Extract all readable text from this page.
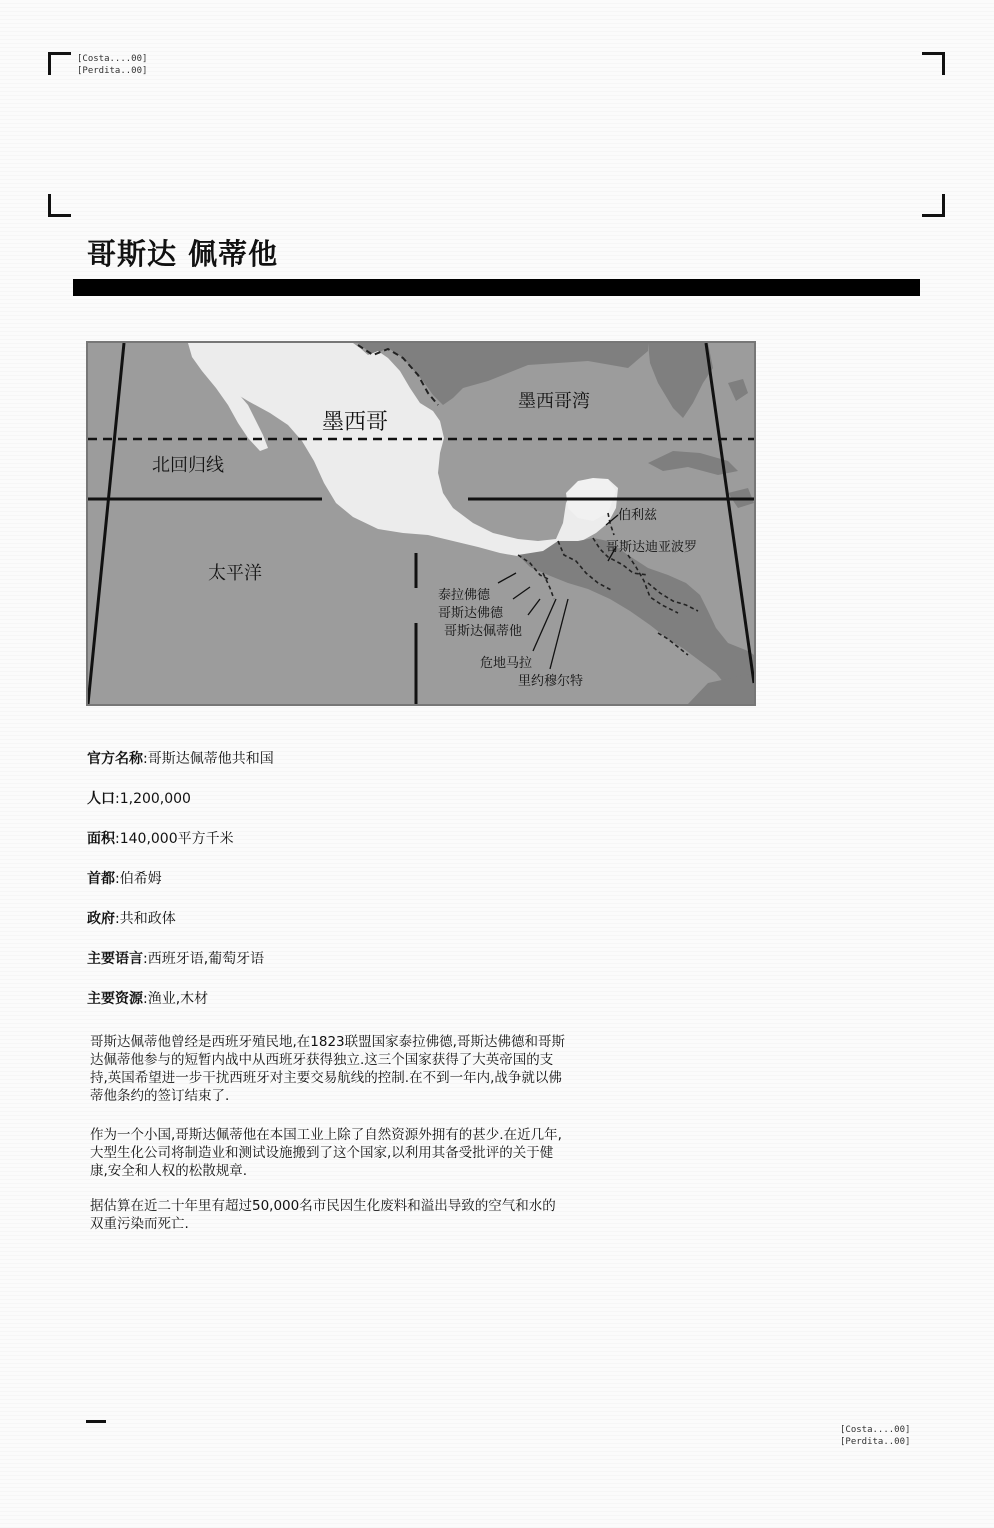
[Costa....00]
[Perdita..00]
哥斯达 佩蒂他
墨西哥
墨西哥湾
北回归线
太平洋
伯利兹
哥斯达迪亚波罗
泰拉佛德
哥斯达佛德
哥斯达佩蒂他
危地马拉
里约穆尔特
官方名称:哥斯达佩蒂他共和国
人口:1,200,000
面积:140,000平方千米
首都:伯希姆
政府:共和政体
主要语言:西班牙语,葡萄牙语
主要资源:渔业,木材

哥斯达佩蒂他曾经是西班牙殖民地,在1823联盟国家泰拉佛德,哥斯达佛德和哥斯达佩蒂他参与的短暂内战中从西班牙获得独立.这三个国家获得了大英帝国的支持,英国希望进一步干扰西班牙对主要交易航线的控制.在不到一年内,战争就以佛蒂他条约的签订结束了.

作为一个小国,哥斯达佩蒂他在本国工业上除了自然资源外拥有的甚少.在近几年,大型生化公司将制造业和测试设施搬到了这个国家,以利用其备受批评的关于健康,安全和人权的松散规章.

据估算在近二十年里有超过50,000名市民因生化废料和溢出导致的空气和水的双重污染而死亡.

[Costa....00]
[Perdita..00]
